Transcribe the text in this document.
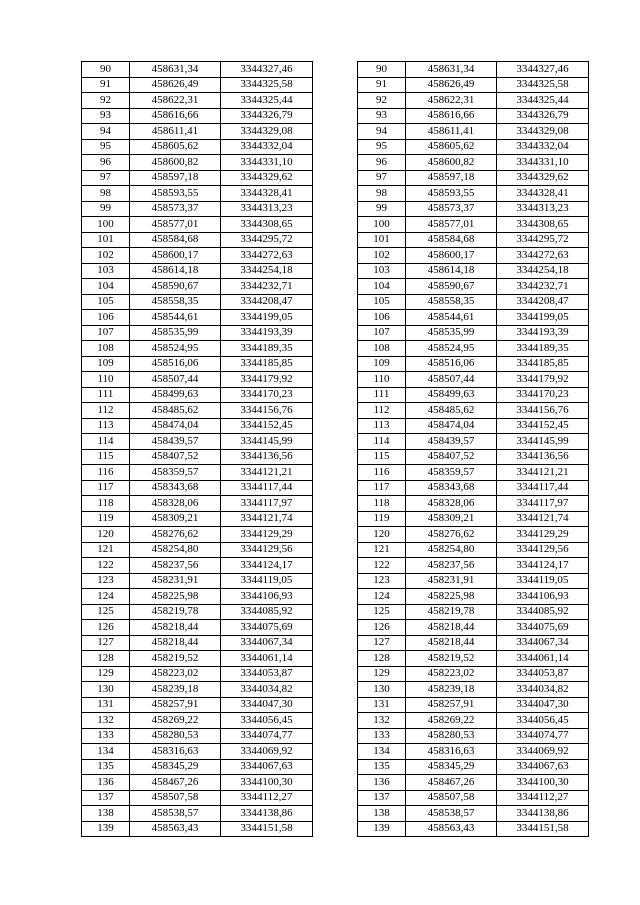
90	458631,34	3344327,46		90	458631,34	3344327,46
91	458626,49	3344325,58		91	458626,49	3344325,58
92	458622,31	3344325,44		92	458622,31	3344325,44
93	458616,66	3344326,79		93	458616,66	3344326,79
94	458611,41	3344329,08		94	458611,41	3344329,08
95	458605,62	3344332,04		95	458605,62	3344332,04
96	458600,82	3344331,10		96	458600,82	3344331,10
97	458597,18	3344329,62		97	458597,18	3344329,62
98	458593,55	3344328,41		98	458593,55	3344328,41
99	458573,37	3344313,23		99	458573,37	3344313,23
100	458577,01	3344308,65		100	458577,01	3344308,65
101	458584,68	3344295,72		101	458584,68	3344295,72
102	458600,17	3344272,63		102	458600,17	3344272,63
103	458614,18	3344254,18		103	458614,18	3344254,18
104	458590,67	3344232,71		104	458590,67	3344232,71
105	458558,35	3344208,47		105	458558,35	3344208,47
106	458544,61	3344199,05		106	458544,61	3344199,05
107	458535,99	3344193,39		107	458535,99	3344193,39
108	458524,95	3344189,35		108	458524,95	3344189,35
109	458516,06	3344185,85		109	458516,06	3344185,85
110	458507,44	3344179,92		110	458507,44	3344179,92
111	458499,63	3344170,23		111	458499,63	3344170,23
112	458485,62	3344156,76		112	458485,62	3344156,76
113	458474,04	3344152,45		113	458474,04	3344152,45
114	458439,57	3344145,99		114	458439,57	3344145,99
115	458407,52	3344136,56		115	458407,52	3344136,56
116	458359,57	3344121,21		116	458359,57	3344121,21
117	458343,68	3344117,44		117	458343,68	3344117,44
118	458328,06	3344117,97		118	458328,06	3344117,97
119	458309,21	3344121,74		119	458309,21	3344121,74
120	458276,62	3344129,29		120	458276,62	3344129,29
121	458254,80	3344129,56		121	458254,80	3344129,56
122	458237,56	3344124,17		122	458237,56	3344124,17
123	458231,91	3344119,05		123	458231,91	3344119,05
124	458225,98	3344106,93		124	458225,98	3344106,93
125	458219,78	3344085,92		125	458219,78	3344085,92
126	458218,44	3344075,69		126	458218,44	3344075,69
127	458218,44	3344067,34		127	458218,44	3344067,34
128	458219,52	3344061,14		128	458219,52	3344061,14
129	458223,02	3344053,87		129	458223,02	3344053,87
130	458239,18	3344034,82		130	458239,18	3344034,82
131	458257,91	3344047,30		131	458257,91	3344047,30
132	458269,22	3344056,45		132	458269,22	3344056,45
133	458280,53	3344074,77		133	458280,53	3344074,77
134	458316,63	3344069,92		134	458316,63	3344069,92
135	458345,29	3344067,63		135	458345,29	3344067,63
136	458467,26	3344100,30		136	458467,26	3344100,30
137	458507,58	3344112,27		137	458507,58	3344112,27
138	458538,57	3344138,86		138	458538,57	3344138,86
139	458563,43	3344151,58		139	458563,43	3344151,58
